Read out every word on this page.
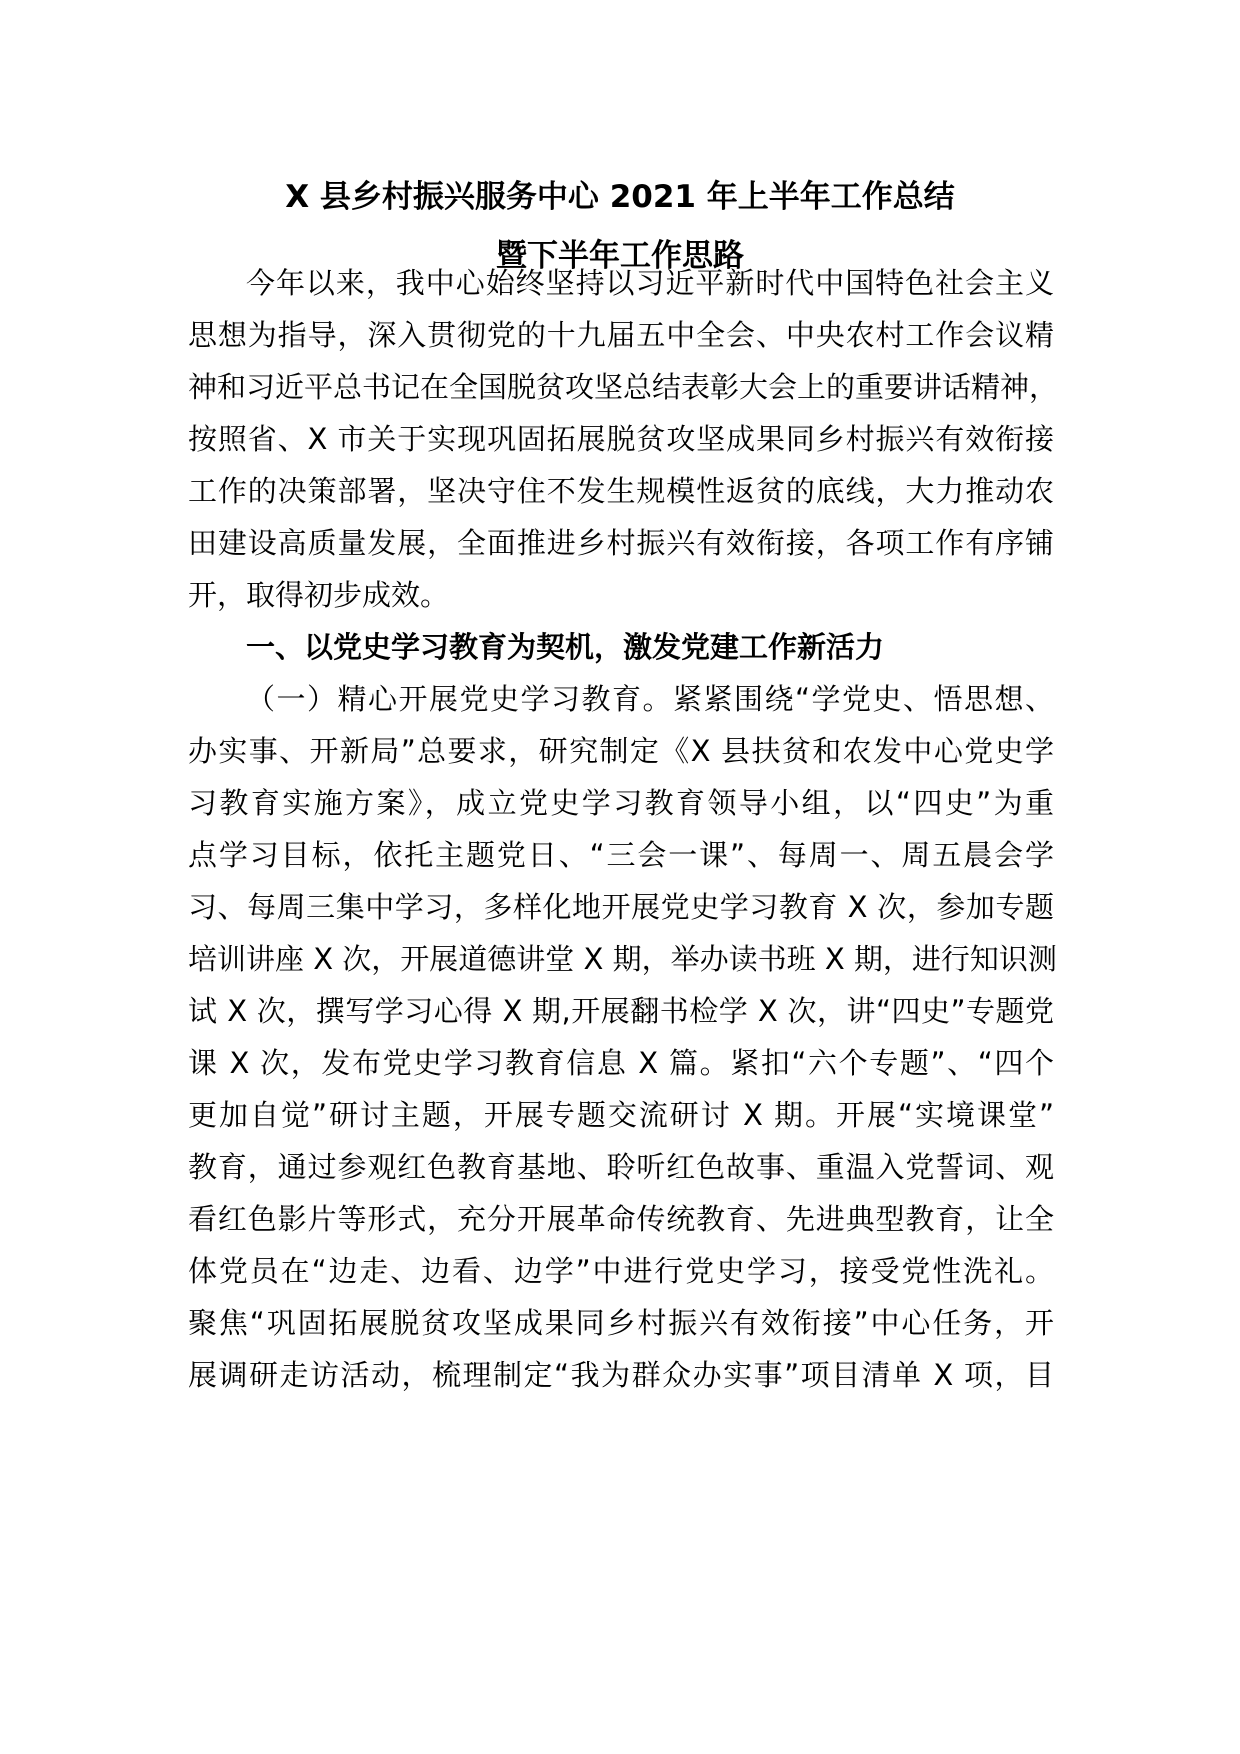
X 县乡村振兴服务中心 2021 年上半年工作总结
暨下半年工作思路
今年以来，我中心始终坚持以习近平新时代中国特色社会主义
思想为指导，深入贯彻党的十九届五中全会、中央农村工作会议精
神和习近平总书记在全国脱贫攻坚总结表彰大会上的重要讲话精神，
按照省、X 市关于实现巩固拓展脱贫攻坚成果同乡村振兴有效衔接
工作的决策部署，坚决守住不发生规模性返贫的底线，大力推动农
田建设高质量发展，全面推进乡村振兴有效衔接，各项工作有序铺
开，取得初步成效。
一、以党史学习教育为契机，激发党建工作新活力
（一）精心开展党史学习教育。紧紧围绕“学党史、悟思想、
办实事、开新局”总要求，研究制定《X 县扶贫和农发中心党史学
习教育实施方案》，成立党史学习教育领导小组，以“四史”为重
点学习目标，依托主题党日、“三会一课”、每周一、周五晨会学
习、每周三集中学习，多样化地开展党史学习教育 X 次，参加专题
培训讲座 X 次，开展道德讲堂 X 期，举办读书班 X 期，进行知识测
试 X 次，撰写学习心得 X 期,开展翻书检学 X 次，讲“四史”专题党
课 X 次，发布党史学习教育信息 X 篇。紧扣“六个专题”、“四个
更加自觉”研讨主题，开展专题交流研讨 X 期。开展“实境课堂”
教育，通过参观红色教育基地、聆听红色故事、重温入党誓词、观
看红色影片等形式，充分开展革命传统教育、先进典型教育，让全
体党员在“边走、边看、边学”中进行党史学习，接受党性洗礼。
聚焦“巩固拓展脱贫攻坚成果同乡村振兴有效衔接”中心任务，开
展调研走访活动，梳理制定“我为群众办实事”项目清单 X 项，目
